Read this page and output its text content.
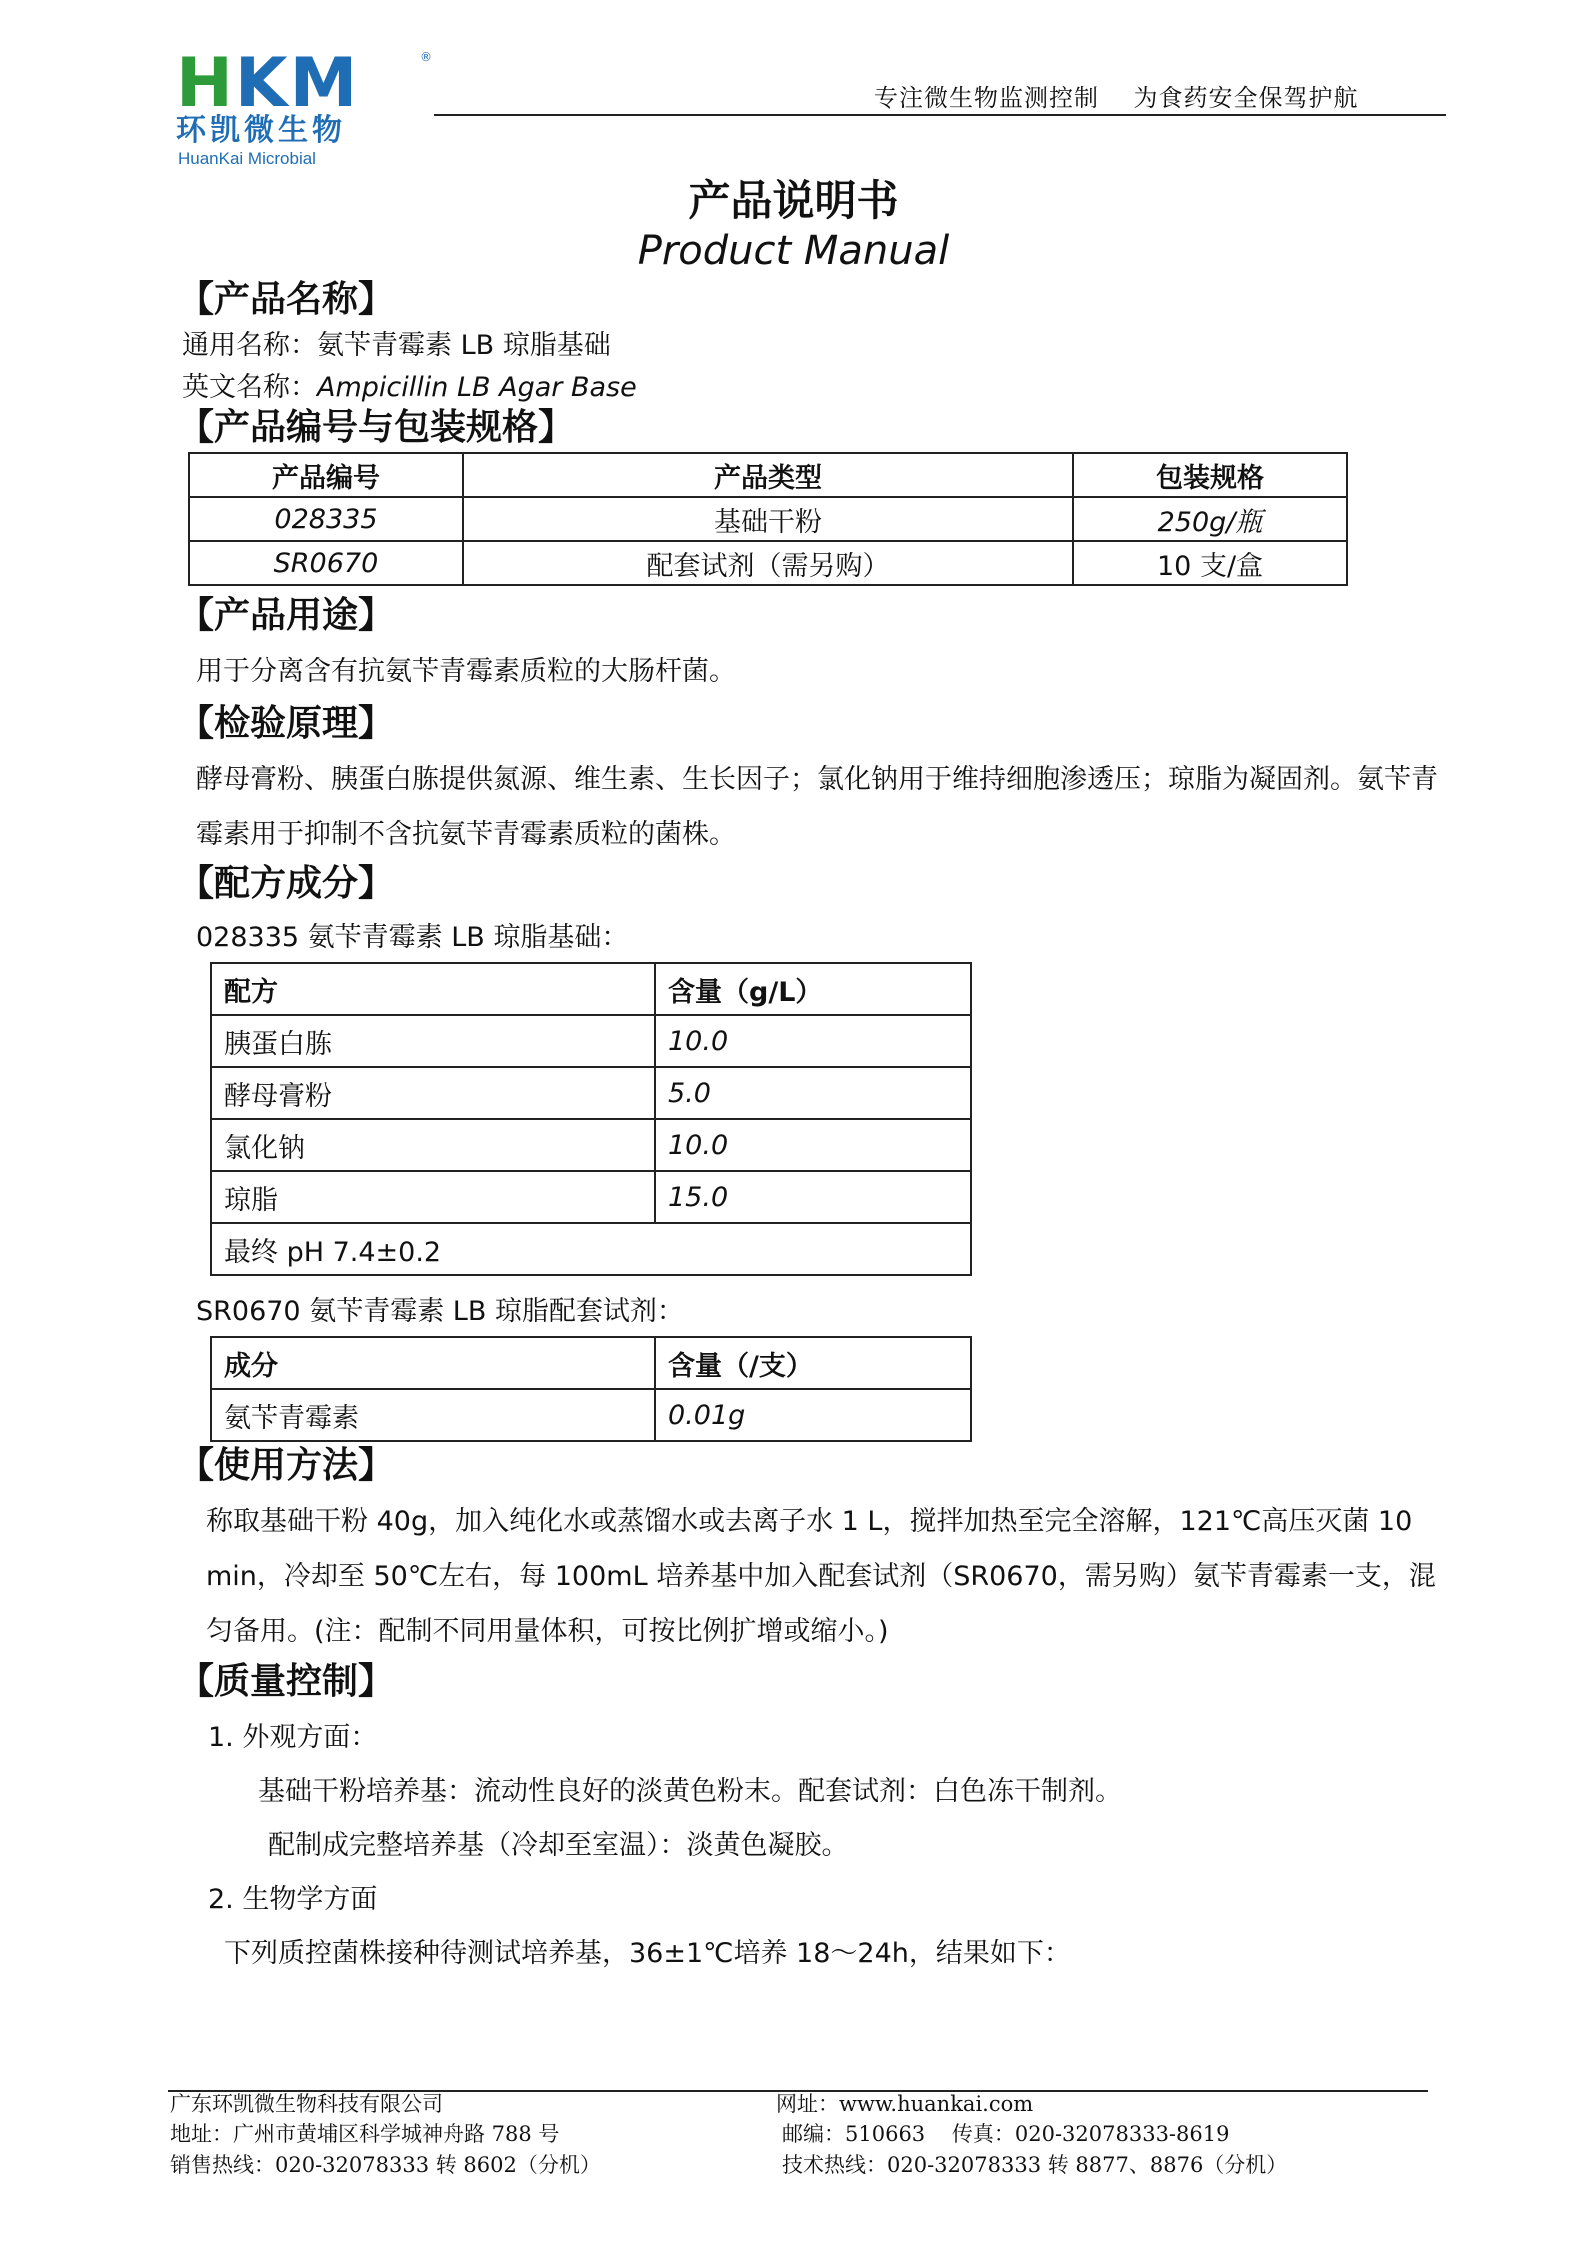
HKM	®
环凯微生物
HuanKai Microbial
专注微生物监测控制    为食药安全保驾护航
产品说明书
Product Manual
【产品名称】
通用名称：氨苄青霉素 LB 琼脂基础
英文名称：Ampicillin LB Agar Base
【产品编号与包装规格】
产品编号	产品类型	包装规格
028335	基础干粉	250g/瓶
SR0670	配套试剂（需另购）	10 支/盒
【产品用途】
用于分离含有抗氨苄青霉素质粒的大肠杆菌。
【检验原理】
酵母膏粉、胰蛋白胨提供氮源、维生素、生长因子；氯化钠用于维持细胞渗透压；琼脂为凝固剂。氨苄青霉素用于抑制不含抗氨苄青霉素质粒的菌株。
【配方成分】
028335 氨苄青霉素 LB 琼脂基础：
配方	含量（g/L）
胰蛋白胨	10.0
酵母膏粉	5.0
氯化钠	10.0
琼脂	15.0
最终 pH 7.4±0.2	
SR0670 氨苄青霉素 LB 琼脂配套试剂：
成分	含量（/支）
氨苄青霉素	0.01g
【使用方法】
称取基础干粉 40g，加入纯化水或蒸馏水或去离子水 1 L，搅拌加热至完全溶解，121℃高压灭菌 10 min，冷却至 50℃左右，每 100mL 培养基中加入配套试剂（SR0670，需另购）氨苄青霉素一支，混匀备用。(注：配制不同用量体积，可按比例扩增或缩小。)
【质量控制】
1. 外观方面：
基础干粉培养基：流动性良好的淡黄色粉末。配套试剂：白色冻干制剂。
配制成完整培养基（冷却至室温）：淡黄色凝胶。
2. 生物学方面
下列质控菌株接种待测试培养基，36±1℃培养 18～24h，结果如下：
广东环凯微生物科技有限公司
地址：广州市黄埔区科学城神舟路 788 号
销售热线：020-32078333 转 8602（分机）
网址：www.huankai.com
邮编：510663    传真：020-32078333-8619
技术热线：020-32078333 转 8877、8876（分机）
